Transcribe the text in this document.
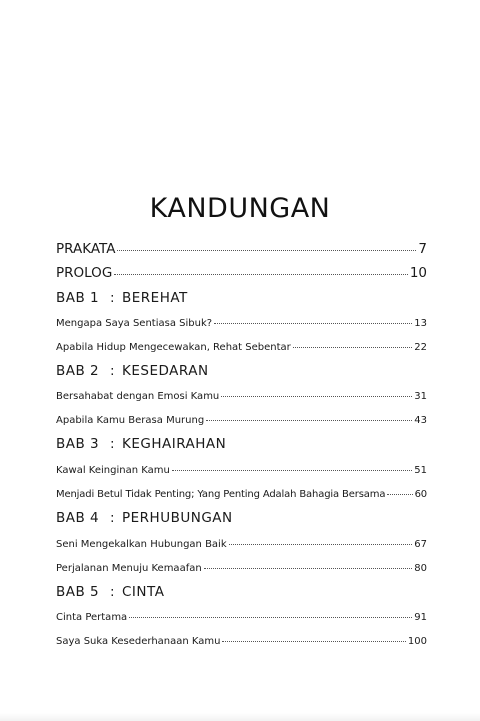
KANDUNGAN
PRAKATA	7
PROLOG	10
BAB 1 : BEREHAT
Mengapa Saya Sentiasa Sibuk?	13
Apabila Hidup Mengecewakan, Rehat Sebentar	22
BAB 2 : KESEDARAN
Bersahabat dengan Emosi Kamu	31
Apabila Kamu Berasa Murung	43
BAB 3 : KEGHAIRAHAN
Kawal Keinginan Kamu	51
Menjadi Betul Tidak Penting; Yang Penting Adalah Bahagia Bersama	60
BAB 4 : PERHUBUNGAN
Seni Mengekalkan Hubungan Baik	67
Perjalanan Menuju Kemaafan	80
BAB 5 : CINTA
Cinta Pertama	91
Saya Suka Kesederhanaan Kamu	100
